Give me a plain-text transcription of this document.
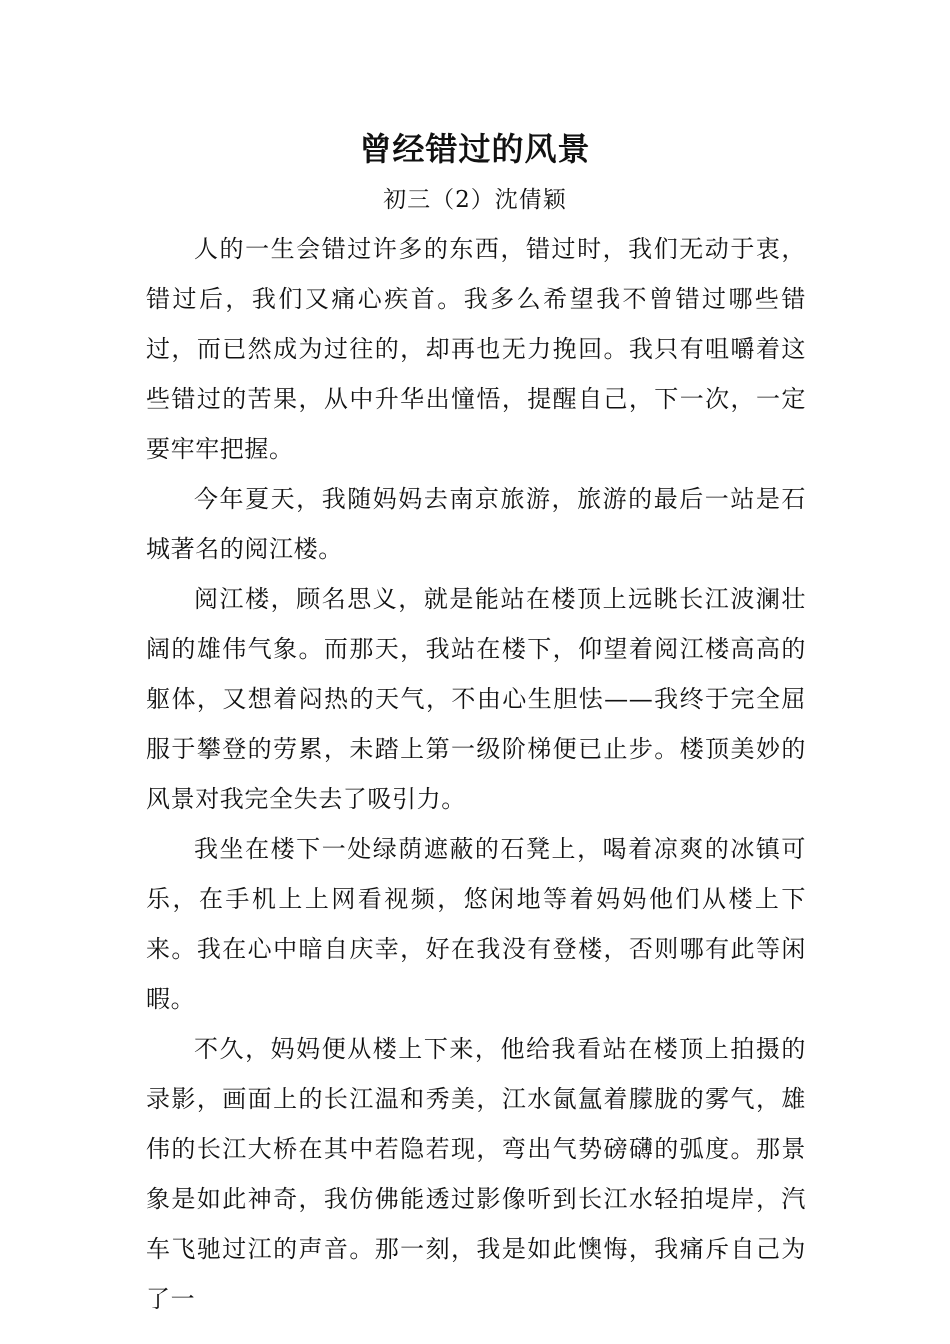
曾经错过的风景
初三（2）沈倩颖

人的一生会错过许多的东西，错过时，我们无动于衷，错过后，我们又痛心疾首。我多么希望我不曾错过哪些错过，而已然成为过往的，却再也无力挽回。我只有咀嚼着这些错过的苦果，从中升华出憧悟，提醒自己，下一次，一定要牢牢把握。

今年夏天，我随妈妈去南京旅游，旅游的最后一站是石城著名的阅江楼。

阅江楼，顾名思义，就是能站在楼顶上远眺长江波澜壮阔的雄伟气象。而那天，我站在楼下，仰望着阅江楼高高的躯体，又想着闷热的天气，不由心生胆怯——我终于完全屈服于攀登的劳累，未踏上第一级阶梯便已止步。楼顶美妙的风景对我完全失去了吸引力。

我坐在楼下一处绿荫遮蔽的石凳上，喝着凉爽的冰镇可乐，在手机上上网看视频，悠闲地等着妈妈他们从楼上下来。我在心中暗自庆幸，好在我没有登楼，否则哪有此等闲暇。

不久，妈妈便从楼上下来，他给我看站在楼顶上拍摄的录影，画面上的长江温和秀美，江水氤氲着朦胧的雾气，雄伟的长江大桥在其中若隐若现，弯出气势磅礴的弧度。那景象是如此神奇，我仿佛能透过影像听到长江水轻拍堤岸，汽车飞驰过江的声音。那一刻，我是如此懊悔，我痛斥自己为了一
